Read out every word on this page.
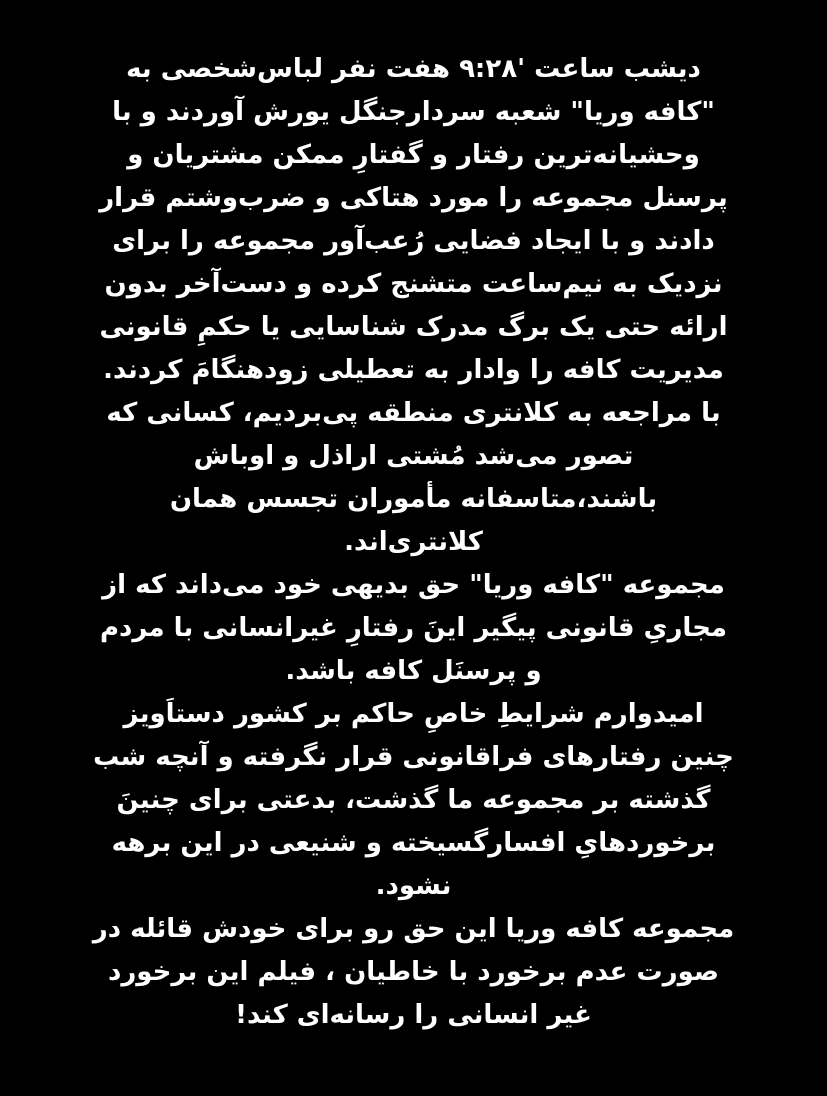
دیشب ساعت '۹:۲۸ هفت نفر لباس‌شخصی به
"کافه وریا" شعبه سردارجنگل یورش آوردند و با
وحشیانه‌ترین رفتار و گفتارِ ممکن مشتریان و
پرسنل مجموعه را مورد هتاکی و ضرب‌وشتم قرار
دادند و با ایجاد فضایی رُعب‌آور مجموعه را برای
نزدیک به نیم‌ساعت متشنج کرده و دست‌آخر بدون
ارائه حتی یک برگ مدرک شناسایی یا حکمِ قانونی
مدیریت کافه را وادار به تعطیلی زودهنگامَ کردند.
با مراجعه به کلانتری منطقه پی‌بردیم، کسانی که
تصور می‌شد مُشتی اراذل و اوباش
باشند،متاسفانه مأموران تجسس همان
کلانتری‌اند.
مجموعه "کافه وریا" حق بدیهی خود می‌داند که از
مجاریِ قانونی پیگیر اینَ رفتارِ غیرانسانی با مردم
و پرسنَل کافه باشد.
امیدوارم شرایطِ خاصِ حاکم بر کشور دستاَویز
چنین رفتارهای فراقانونی قرار نگرفته و آنچه شب
گذشته بر مجموعه ما گذشت، بدعتی برای چنینَ
برخوردهایِ افسارگسیخته و شنیعی در این برهه
نشود.
مجموعه کافه وریا این حق رو برای خودش قائله در
صورت عدم برخورد با خاطیان ، فیلم این برخورد
غیر انسانی را رسانه‌ای کند!
